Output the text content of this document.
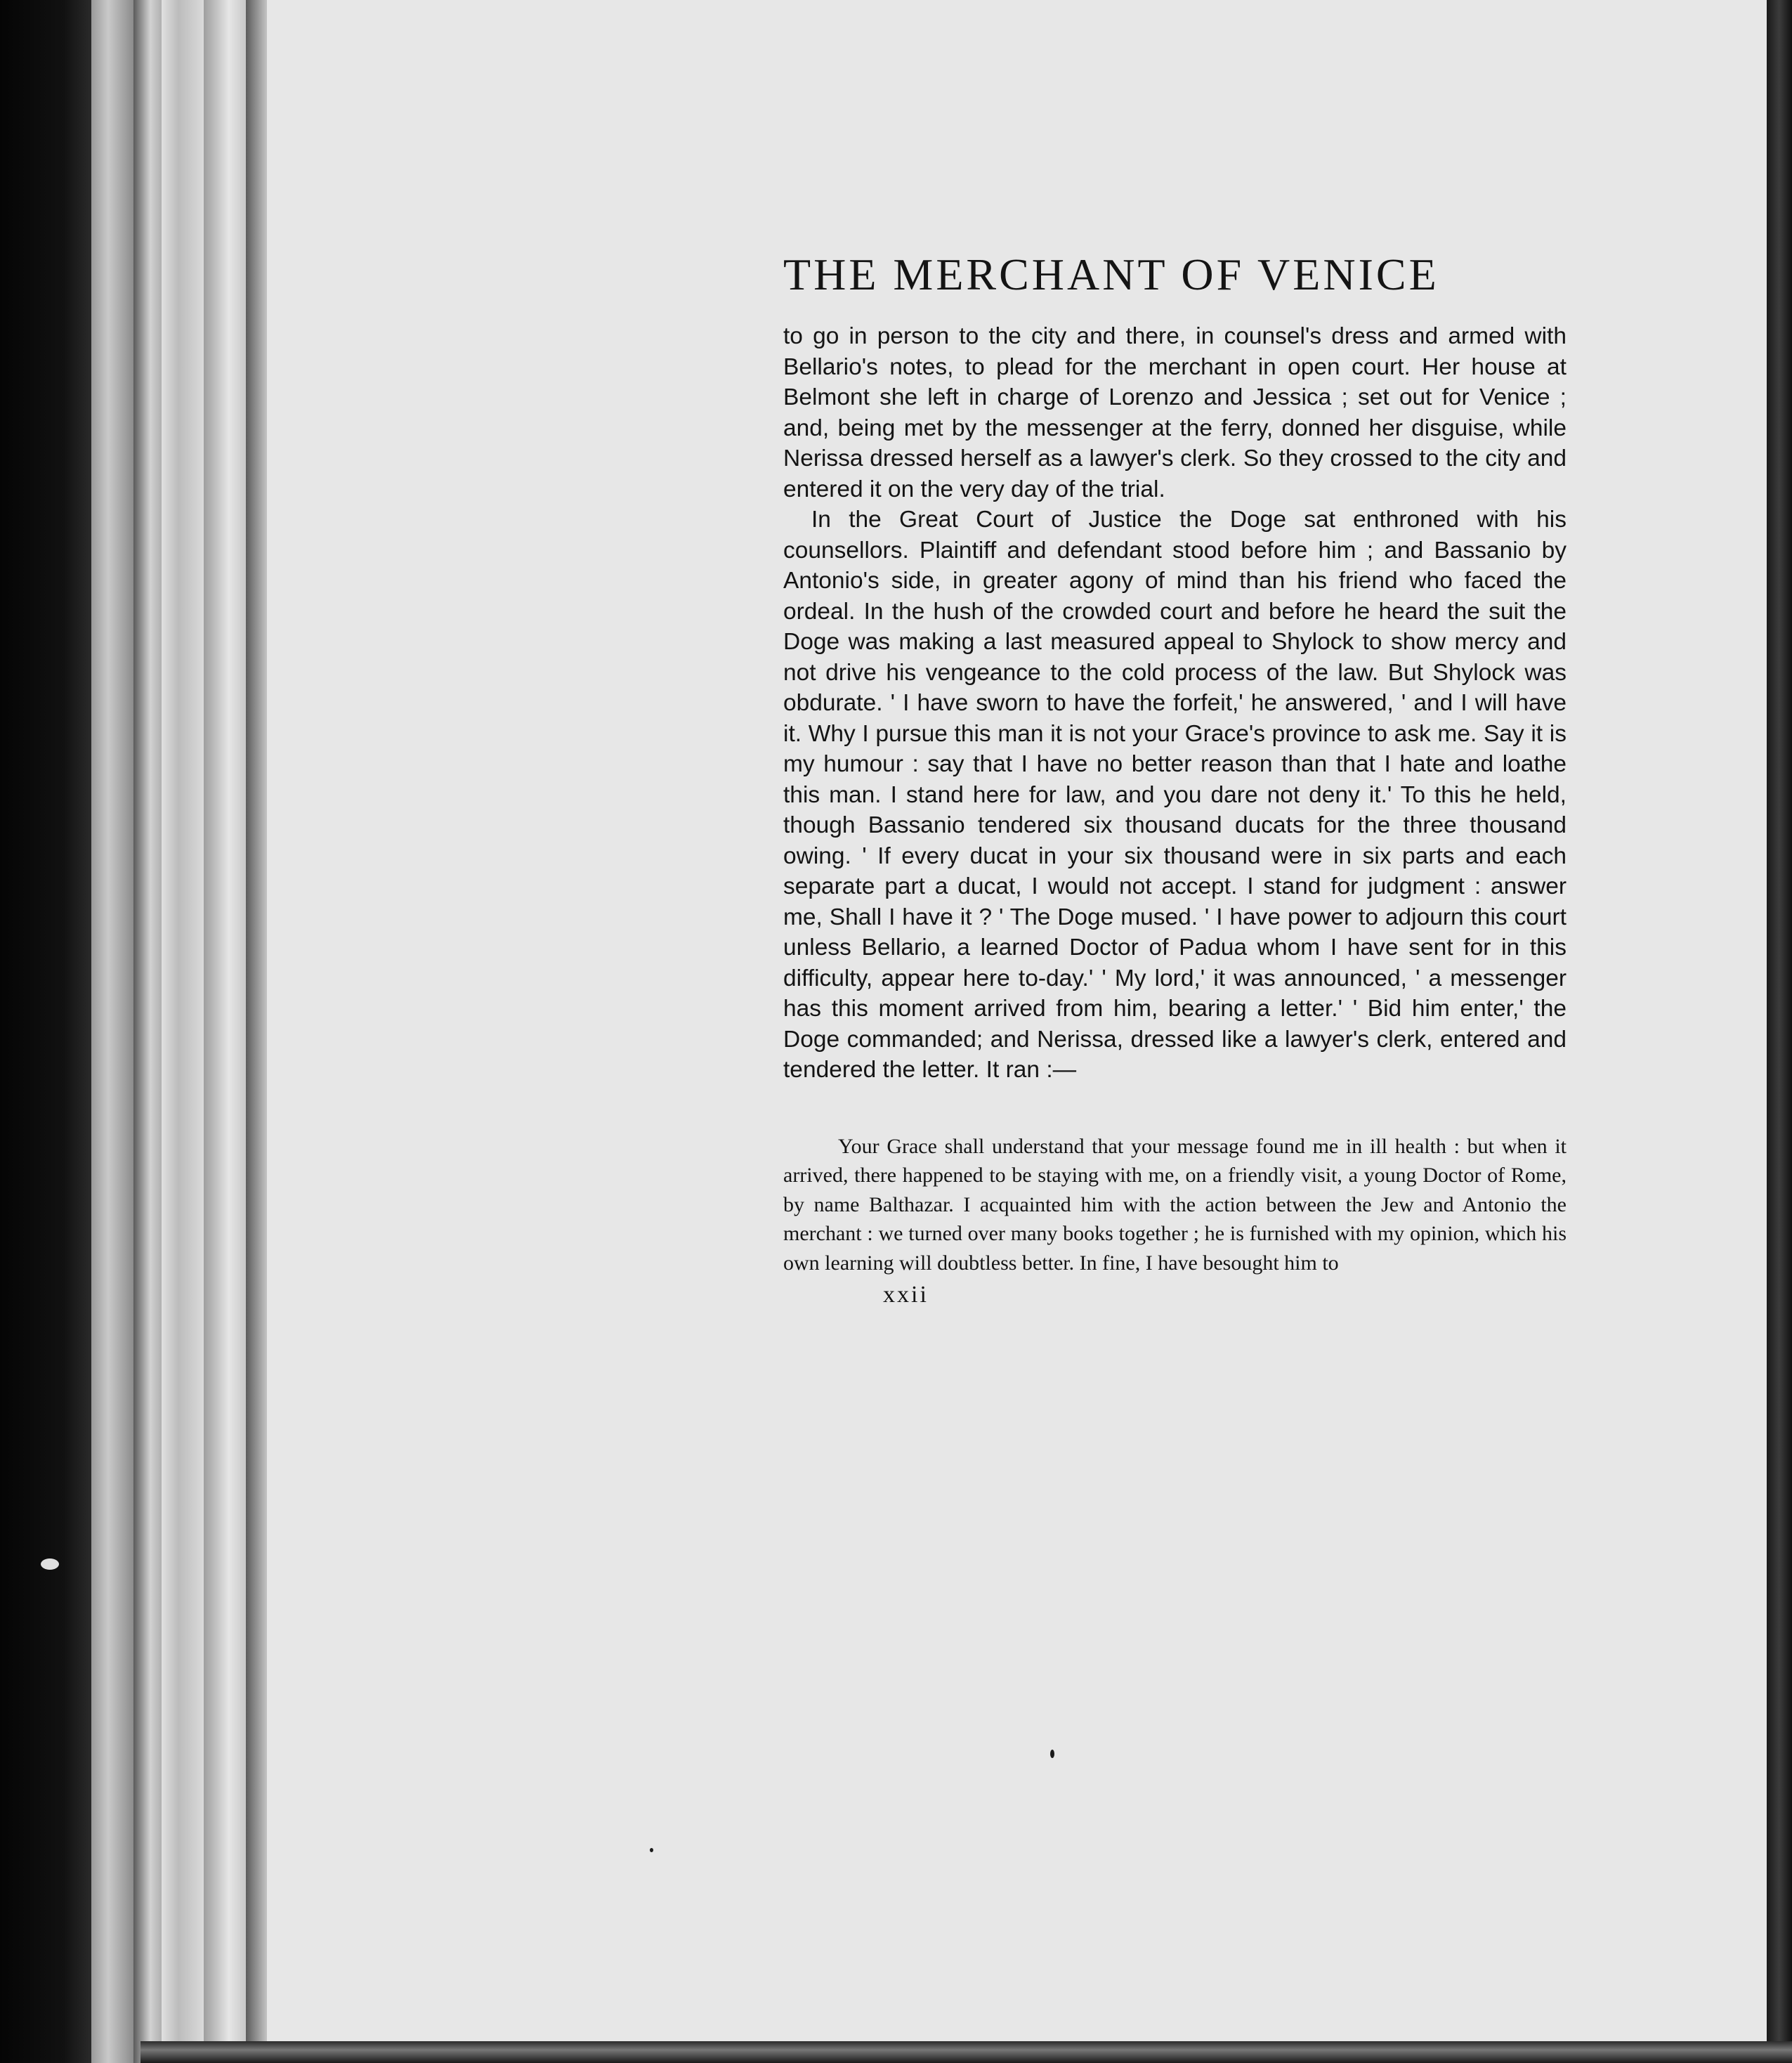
THE MERCHANT OF VENICE

to go in person to the city and there, in counsel's dress and armed with Bellario's notes, to plead for the merchant in open court. Her house at Belmont she left in charge of Lorenzo and Jessica ; set out for Venice ; and, being met by the messenger at the ferry, donned her disguise, while Nerissa dressed herself as a lawyer's clerk. So they crossed to the city and entered it on the very day of the trial.

In the Great Court of Justice the Doge sat enthroned with his counsellors. Plaintiff and defendant stood before him ; and Bassanio by Antonio's side, in greater agony of mind than his friend who faced the ordeal. In the hush of the crowded court and before he heard the suit the Doge was making a last measured appeal to Shylock to show mercy and not drive his vengeance to the cold process of the law. But Shylock was obdurate. ' I have sworn to have the forfeit,' he answered, ' and I will have it. Why I pursue this man it is not your Grace's province to ask me. Say it is my humour : say that I have no better reason than that I hate and loathe this man. I stand here for law, and you dare not deny it.' To this he held, though Bassanio tendered six thousand ducats for the three thousand owing. ' If every ducat in your six thousand were in six parts and each separate part a ducat, I would not accept. I stand for judgment : answer me, Shall I have it ? ' The Doge mused. ' I have power to adjourn this court unless Bellario, a learned Doctor of Padua whom I have sent for in this difficulty, appear here to-day.' ' My lord,' it was announced, ' a messenger has this moment arrived from him, bearing a letter.' ' Bid him enter,' the Doge commanded; and Nerissa, dressed like a lawyer's clerk, entered and tendered the letter. It ran :—

Your Grace shall understand that your message found me in ill health : but when it arrived, there happened to be staying with me, on a friendly visit, a young Doctor of Rome, by name Balthazar. I acquainted him with the action between the Jew and Antonio the merchant : we turned over many books together ; he is furnished with my opinion, which his own learning will doubtless better. In fine, I have besought him to
xxii
